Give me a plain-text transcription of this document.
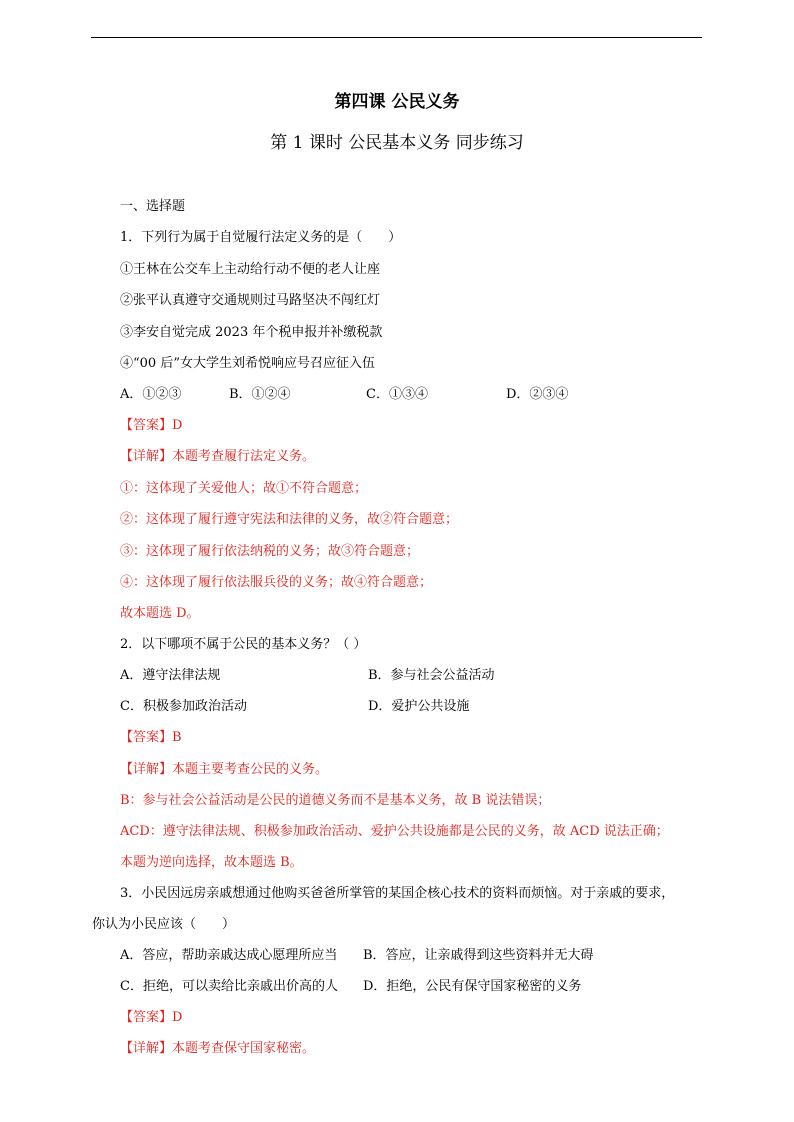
第四课 公民义务
第 1 课时 公民基本义务 同步练习
一、选择题
1．下列行为属于自觉履行法定义务的是（　　）
①王林在公交车上主动给行动不便的老人让座
②张平认真遵守交通规则过马路坚决不闯红灯
③李安自觉完成 2023 年个税申报并补缴税款
④“00 后”女大学生刘希悦响应号召应征入伍
A．①②③	B．①②④	C．①③④	D．②③④
【答案】D
【详解】本题考查履行法定义务。
①：这体现了关爱他人；故①不符合题意；
②：这体现了履行遵守宪法和法律的义务，故②符合题意；
③：这体现了履行依法纳税的义务；故③符合题意；
④：这体现了履行依法服兵役的义务；故④符合题意；
故本题选 D。
2．以下哪项不属于公民的基本义务？（ ）
A．遵守法律法规	B．参与社会公益活动
C．积极参加政治活动	D．爱护公共设施
【答案】B
【详解】本题主要考查公民的义务。
B：参与社会公益活动是公民的道德义务而不是基本义务，故 B 说法错误；
ACD：遵守法律法规、积极参加政治活动、爱护公共设施都是公民的义务，故 ACD 说法正确；
本题为逆向选择，故本题选 B。
3．小民因远房亲戚想通过他购买爸爸所掌管的某国企核心技术的资料而烦恼。对于亲戚的要求，
你认为小民应该（　　）
A．答应，帮助亲戚达成心愿理所应当 B．答应，让亲戚得到这些资料并无大碍
C．拒绝，可以卖给比亲戚出价高的人 D．拒绝，公民有保守国家秘密的义务
【答案】D
【详解】本题考查保守国家秘密。
